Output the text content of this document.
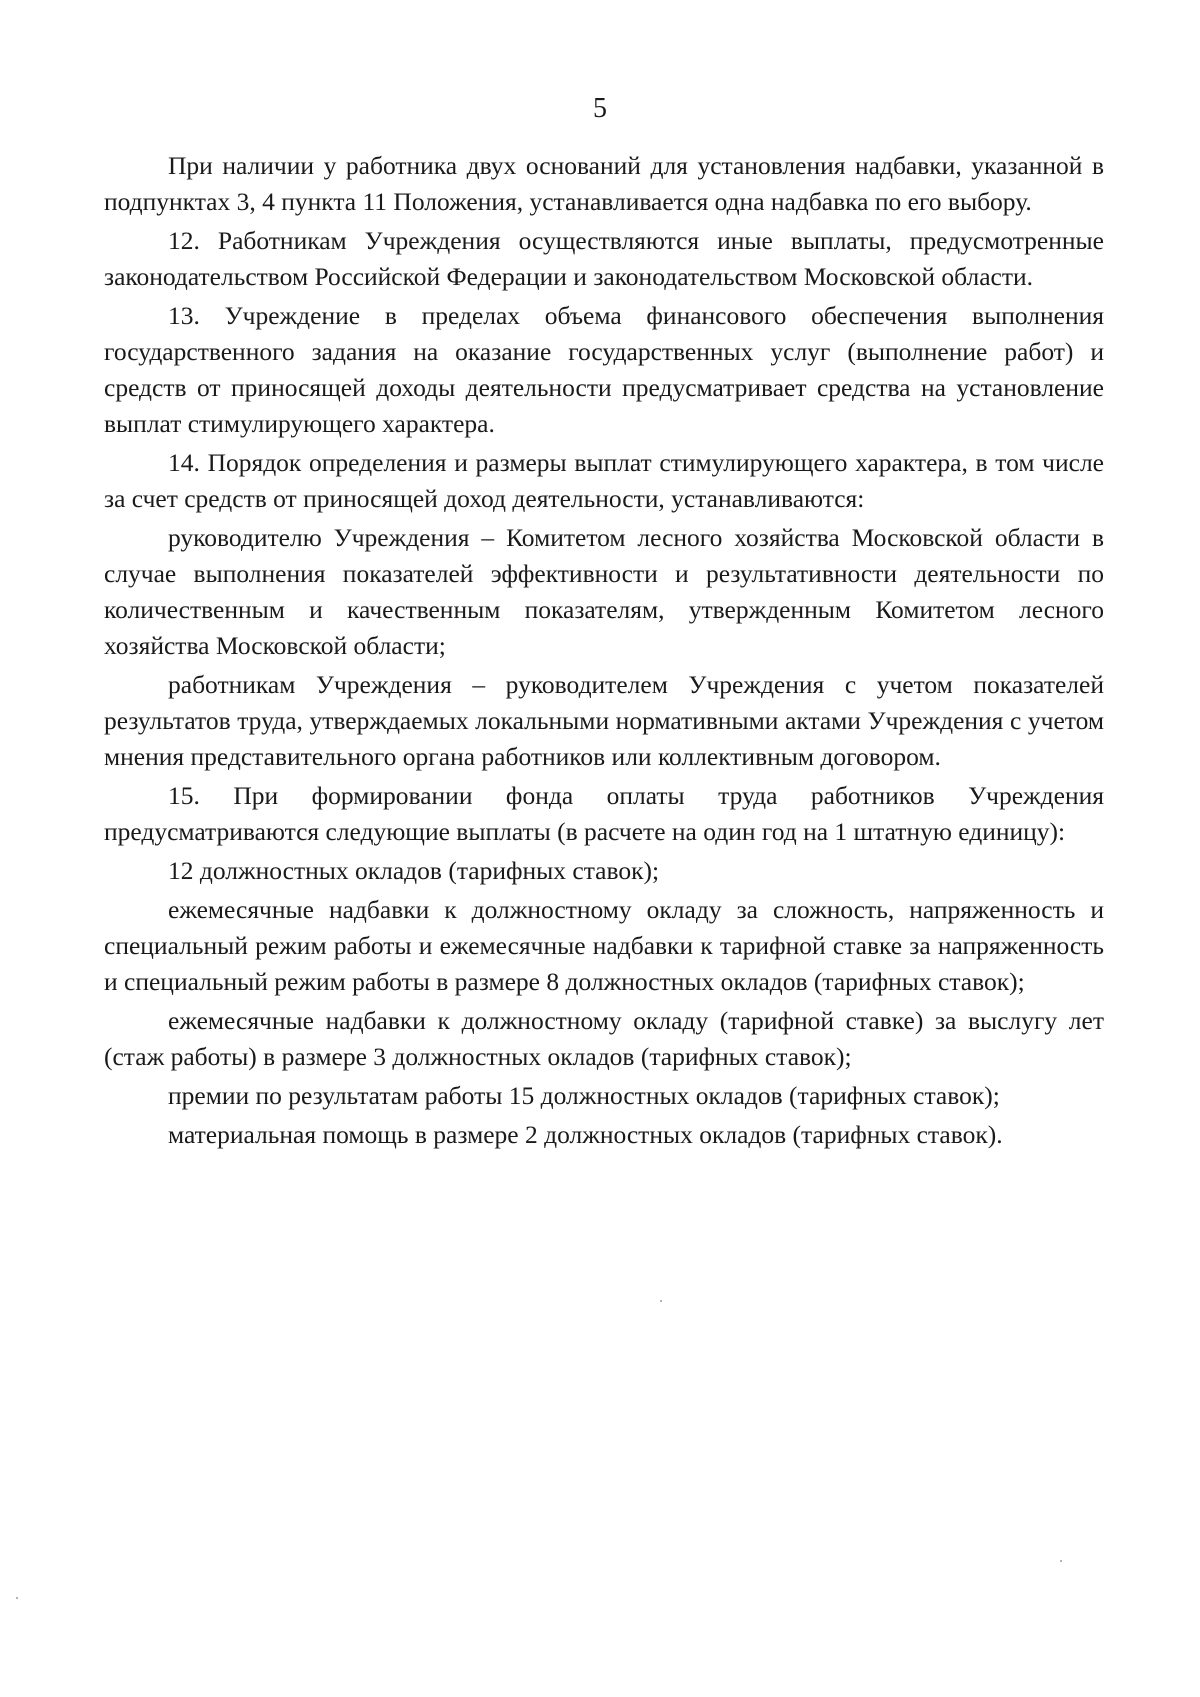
5

При наличии у работника двух оснований для установления надбавки, указанной в подпунктах 3, 4 пункта 11 Положения, устанавливается одна надбавка по его выбору.

12. Работникам Учреждения осуществляются иные выплаты, предусмотренные законодательством Российской Федерации и законодательством Московской области.

13. Учреждение в пределах объема финансового обеспечения выполнения государственного задания на оказание государственных услуг (выполнение работ) и средств от приносящей доходы деятельности предусматривает средства на установление выплат стимулирующего характера.

14. Порядок определения и размеры выплат стимулирующего характера, в том числе за счет средств от приносящей доход деятельности, устанавливаются:

руководителю Учреждения – Комитетом лесного хозяйства Московской области в случае выполнения показателей эффективности и результативности деятельности по количественным и качественным показателям, утвержденным Комитетом лесного хозяйства Московской области;

работникам Учреждения – руководителем Учреждения с учетом показателей результатов труда, утверждаемых локальными нормативными актами Учреждения с учетом мнения представительного органа работников или коллективным договором.

15. При формировании фонда оплаты труда работников Учреждения предусматриваются следующие выплаты (в расчете на один год на 1 штатную единицу):

12 должностных окладов (тарифных ставок);

ежемесячные надбавки к должностному окладу за сложность, напряженность и специальный режим работы и ежемесячные надбавки к тарифной ставке за напряженность и специальный режим работы в размере 8 должностных окладов (тарифных ставок);

ежемесячные надбавки к должностному окладу (тарифной ставке) за выслугу лет (стаж работы) в размере 3 должностных окладов (тарифных ставок);

премии по результатам работы 15 должностных окладов (тарифных ставок);

материальная помощь в размере 2 должностных окладов (тарифных ставок).
